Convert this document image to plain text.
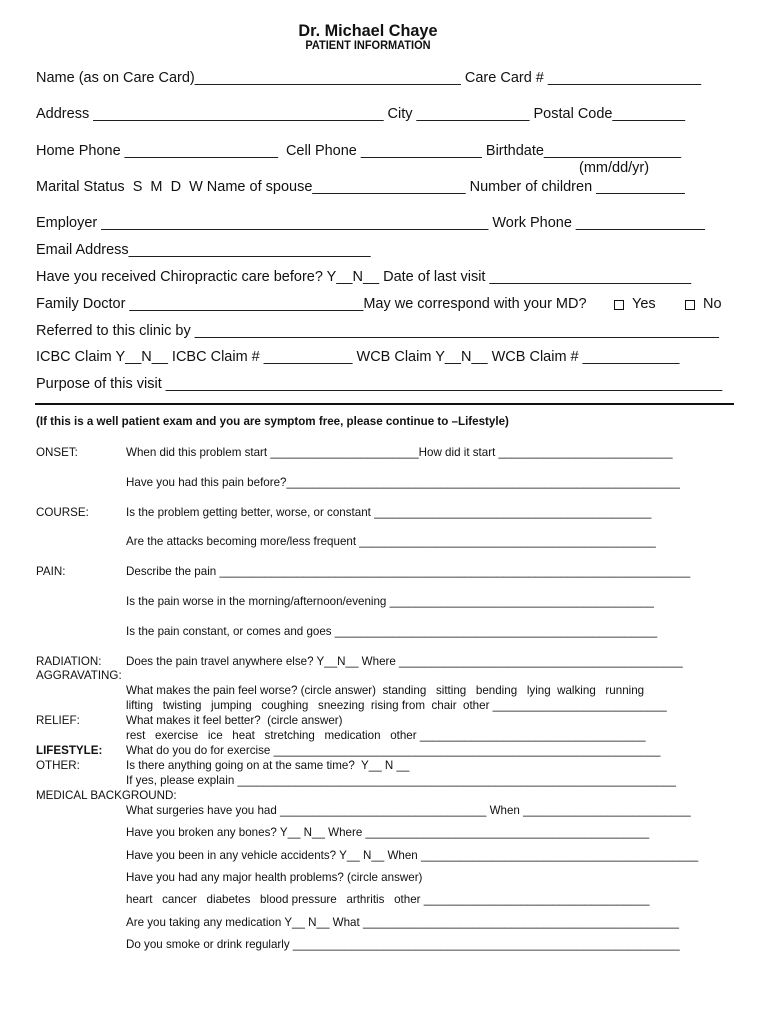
Dr. Michael Chaye
PATIENT INFORMATION
Name (as on Care Card)_________________________________ Care Card # ___________________
Address ____________________________________ City ______________ Postal Code_________
Home Phone ___________________  Cell Phone _______________ Birthdate_________________
(mm/dd/yr)
Marital Status  S  M  D  W Name of spouse___________________ Number of children ___________
Employer ________________________________________________ Work Phone ________________
Email Address______________________________
Have you received Chiropractic care before? Y__N__ Date of last visit _________________________
Family Doctor _____________________________May we correspond with your MD?	Yes	No
Referred to this clinic by _________________________________________________________________
ICBC Claim Y__N__ ICBC Claim # ___________ WCB Claim Y__N__ WCB Claim # ____________
Purpose of this visit _____________________________________________________________________
(If this is a well patient exam and you are symptom free, please continue to –Lifestyle)
ONSET:	When did this problem start _______________________How did it start ___________________________
Have you had this pain before?_____________________________________________________________
COURSE:	Is the problem getting better, worse, or constant ___________________________________________
Are the attacks becoming more/less frequent ______________________________________________
PAIN:	Describe the pain _________________________________________________________________________
Is the pain worse in the morning/afternoon/evening _________________________________________
Is the pain constant, or comes and goes __________________________________________________
RADIATION: Does the pain travel anywhere else? Y__N__ Where ____________________________________________
AGGRAVATING:
What makes the pain feel worse? (circle answer)  standing   sitting   bending   lying  walking   running
lifting   twisting   jumping   coughing   sneezing  rising from  chair  other ___________________________
RELIEF:	What makes it feel better?  (circle answer)
rest   exercise   ice   heat   stretching   medication   other ___________________________________
LIFESTYLE: What do you do for exercise ____________________________________________________________
OTHER:	Is there anything going on at the same time?  Y__ N __
If yes, please explain ____________________________________________________________________
MEDICAL BACKGROUND:
What surgeries have you had ________________________________ When __________________________
Have you broken any bones? Y__ N__ Where ____________________________________________
Have you been in any vehicle accidents? Y__ N__ When ___________________________________________
Have you had any major health problems? (circle answer)
heart   cancer   diabetes   blood pressure   arthritis   other ___________________________________
Are you taking any medication Y__ N__ What _________________________________________________
Do you smoke or drink regularly ____________________________________________________________
